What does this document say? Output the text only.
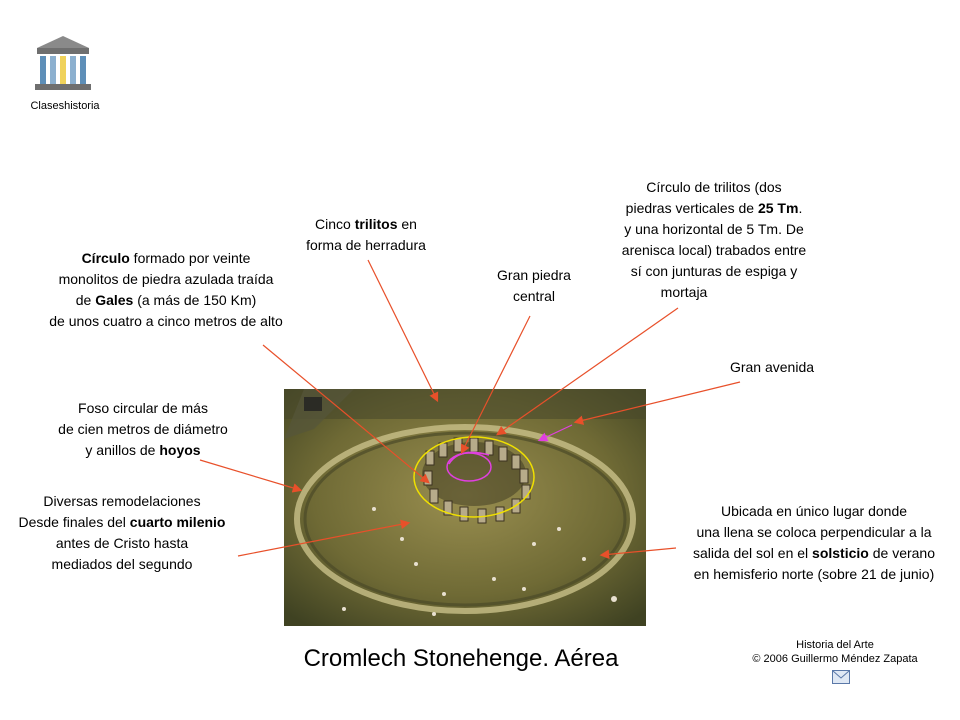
Claseshistoria
Cinco trilitos en
forma de herradura
Círculo de trilitos (dos
piedras verticales de 25 Tm.
y una horizontal de 5 Tm. De
arenisca local) trabados entre
sí con junturas de espiga y
mortaja
Círculo formado por veinte
monolitos de piedra azulada traída
de Gales (a más de 150 Km)
de unos cuatro a cinco metros de alto
Gran piedra
central
Gran avenida
Foso circular de más
de cien metros de diámetro
y anillos de hoyos
Diversas remodelaciones
Desde finales del cuarto milenio
antes de Cristo hasta
mediados del segundo
Ubicada en único lugar donde
una llena se coloca perpendicular a la
salida del sol en el solsticio de verano
en hemisferio norte (sobre 21 de junio)
Cromlech Stonehenge. Aérea	Historia del Arte
© 2006 Guillermo Méndez Zapata
